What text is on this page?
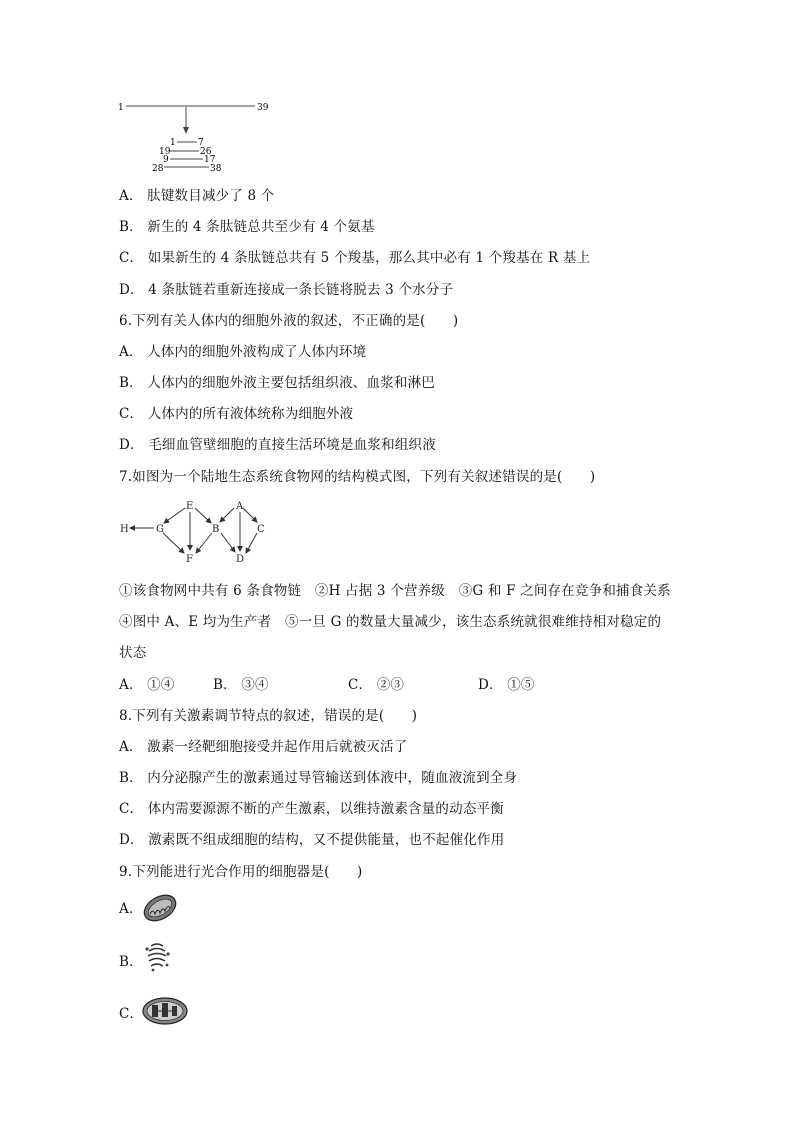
1	39
1 7
19	26
9	17
28	38
A． 肽键数目减少了 8 个
B． 新生的 4 条肽链总共至少有 4 个氨基
C． 如果新生的 4 条肽链总共有 5 个羧基，那么其中必有 1 个羧基在 R 基上
D． 4 条肽链若重新连接成一条长链将脱去 3 个水分子
6.下列有关人体内的细胞外液的叙述，不正确的是(　　)
A． 人体内的细胞外液构成了人体内环境
B． 人体内的细胞外液主要包括组织液、血浆和淋巴
C． 人体内的所有液体统称为细胞外液
D． 毛细血管壁细胞的直接生活环境是血浆和组织液
7.如图为一个陆地生态系统食物网的结构模式图，下列有关叙述错误的是(　　)
H	G
E
F
B
A
C
D
①该食物网中共有 6 条食物链　②H 占据 3 个营养级　③G 和 F 之间存在竞争和捕食关系
④图中 A、E 均为生产者　⑤一旦 G 的数量大量减少，该生态系统就很难维持相对稳定的
状态
A． ①④	B． ③④	C． ②③	D． ①⑤
8.下列有关激素调节特点的叙述，错误的是(　　)
A． 激素一经靶细胞接受并起作用后就被灭活了
B． 内分泌腺产生的激素通过导管输送到体液中，随血液流到全身
C． 体内需要源源不断的产生激素，以维持激素含量的动态平衡
D． 激素既不组成细胞的结构，又不提供能量，也不起催化作用
9.下列能进行光合作用的细胞器是(　　)
A．
B．
C．
